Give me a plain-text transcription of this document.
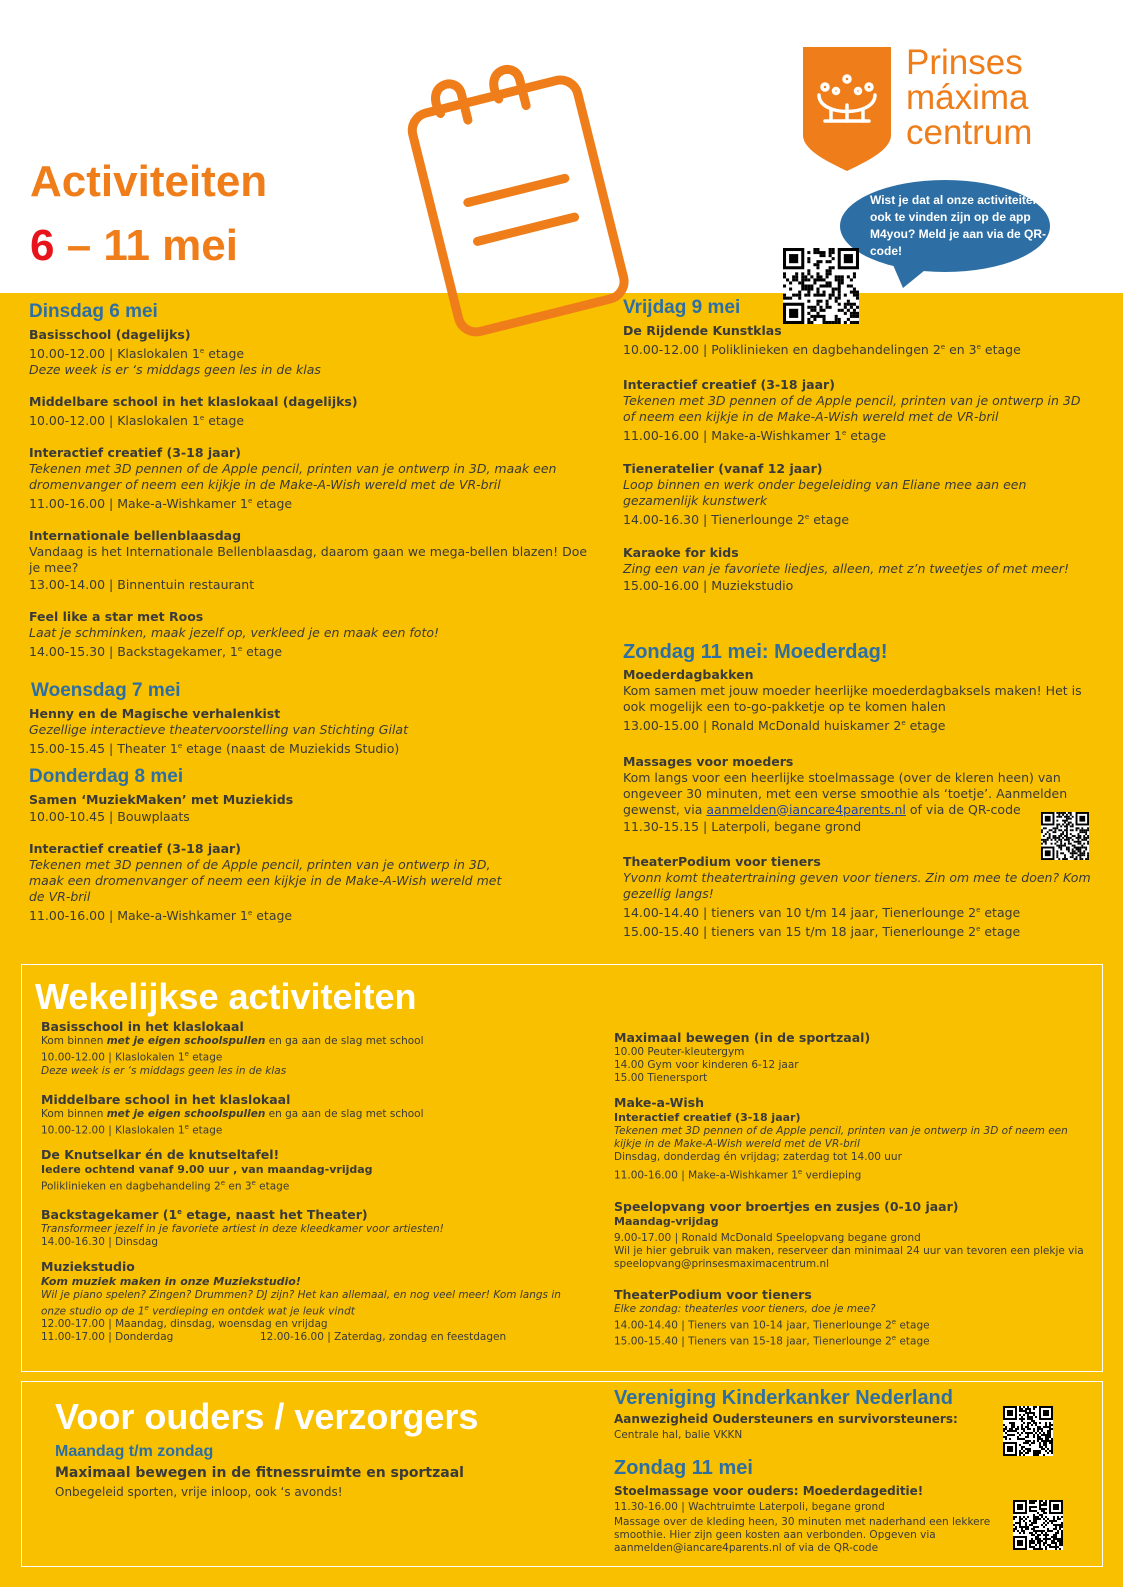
Activiteiten
6 – 11 mei
Prinses
máxima
centrum
Wist je dat al onze activiteiten ook te vinden zijn op de app M4you? Meld je aan via de QR-code!
Dinsdag 6 mei
Basisschool (dagelijks)
10.00-12.00 | Klaslokalen 1e etage
Deze week is er ‘s middags geen les in de klas
Middelbare school in het klaslokaal (dagelijks)
10.00-12.00 | Klaslokalen 1e etage
Interactief creatief (3-18 jaar)
Tekenen met 3D pennen of de Apple pencil, printen van je ontwerp in 3D, maak een dromenvanger of neem een kijkje in de Make-A-Wish wereld met de VR-bril
11.00-16.00 | Make-a-Wishkamer 1e etage
Internationale bellenblaasdag
Vandaag is het Internationale Bellenblaasdag, daarom gaan we mega-bellen blazen! Doe je mee?
13.00-14.00 | Binnentuin restaurant
Feel like a star met Roos
Laat je schminken, maak jezelf op, verkleed je en maak een foto!
14.00-15.30 | Backstagekamer, 1e etage
Woensdag 7 mei
Henny en de Magische verhalenkist
Gezellige interactieve theatervoorstelling van Stichting Gilat
15.00-15.45 | Theater 1e etage (naast de Muziekids Studio)
Donderdag 8 mei
Samen ‘MuziekMaken’ met Muziekids
10.00-10.45 | Bouwplaats
Interactief creatief (3-18 jaar)
Tekenen met 3D pennen of de Apple pencil, printen van je ontwerp in 3D, maak een dromenvanger of neem een kijkje in de Make-A-Wish wereld met de VR-bril
11.00-16.00 | Make-a-Wishkamer 1e etage
Vrijdag 9 mei
De Rijdende Kunstklas
10.00-12.00 | Poliklinieken en dagbehandelingen 2e en 3e etage
Interactief creatief (3-18 jaar)
Tekenen met 3D pennen of de Apple pencil, printen van je ontwerp in 3D of neem een kijkje in de Make-A-Wish wereld met de VR-bril
11.00-16.00 | Make-a-Wishkamer 1e etage
Tieneratelier (vanaf 12 jaar)
Loop binnen en werk onder begeleiding van Eliane mee aan een gezamenlijk kunstwerk
14.00-16.30 | Tienerlounge 2e etage
Karaoke for kids
Zing een van je favoriete liedjes, alleen, met z’n tweetjes of met meer!
15.00-16.00 | Muziekstudio
Zondag 11 mei: Moederdag!
Moederdagbakken
Kom samen met jouw moeder heerlijke moederdagbaksels maken! Het is ook mogelijk een to-go-pakketje op te komen halen
13.00-15.00 | Ronald McDonald huiskamer 2e etage
Massages voor moeders
Kom langs voor een heerlijke stoelmassage (over de kleren heen) van ongeveer 30 minuten, met een verse smoothie als ‘toetje’. Aanmelden gewenst, via aanmelden@iancare4parents.nl of via de QR-code
11.30-15.15 | Laterpoli, begane grond
TheaterPodium voor tieners
Yvonn komt theatertraining geven voor tieners. Zin om mee te doen? Kom gezellig langs!
14.00-14.40 | tieners van 10 t/m 14 jaar, Tienerlounge 2e etage
15.00-15.40 | tieners van 15 t/m 18 jaar, Tienerlounge 2e etage
Wekelijkse activiteiten
Basisschool in het klaslokaal
Kom binnen met je eigen schoolspullen en ga aan de slag met school
10.00-12.00 | Klaslokalen 1e etage
Deze week is er ‘s middags geen les in de klas
Middelbare school in het klaslokaal
Kom binnen met je eigen schoolspullen en ga aan de slag met school
10.00-12.00 | Klaslokalen 1e etage
De Knutselkar én de knutseltafel!
Iedere ochtend vanaf 9.00 uur , van maandag-vrijdag
Poliklinieken en dagbehandeling 2e en 3e etage
Backstagekamer (1e etage, naast het Theater)
Transformeer jezelf in je favoriete artiest in deze kleedkamer voor artiesten!
14.00-16.30 | Dinsdag
Muziekstudio
Kom muziek maken in onze Muziekstudio!
Wil je piano spelen? Zingen? Drummen? DJ zijn? Het kan allemaal, en nog veel meer! Kom langs in onze studio op de 1e verdieping en ontdek wat je leuk vindt
12.00-17.00 | Maandag, dinsdag, woensdag en vrijdag
11.00-17.00 | Donderdag	12.00-16.00 | Zaterdag, zondag en feestdagen
Maximaal bewegen (in de sportzaal)
10.00 Peuter-kleutergym
14.00 Gym voor kinderen 6-12 jaar
15.00 Tienersport
Make-a-Wish
Interactief creatief (3-18 jaar)
Tekenen met 3D pennen of de Apple pencil, printen van je ontwerp in 3D of neem een kijkje in de Make-A-Wish wereld met de VR-bril
Dinsdag, donderdag én vrijdag; zaterdag tot 14.00 uur
11.00-16.00 | Make-a-Wishkamer 1e verdieping
Speelopvang voor broertjes en zusjes (0-10 jaar)
Maandag-vrijdag
9.00-17.00 | Ronald McDonald Speelopvang begane grond
Wil je hier gebruik van maken, reserveer dan minimaal 24 uur van tevoren een plekje via speelopvang@prinsesmaximacentrum.nl
TheaterPodium voor tieners
Elke zondag: theaterles voor tieners, doe je mee?
14.00-14.40 | Tieners van 10-14 jaar, Tienerlounge 2e etage
15.00-15.40 | Tieners van 15-18 jaar, Tienerlounge 2e etage
Voor ouders / verzorgers
Maandag t/m zondag
Maximaal bewegen in de fitnessruimte en sportzaal
Onbegeleid sporten, vrije inloop, ook ‘s avonds!
Vereniging Kinderkanker Nederland
Aanwezigheid Oudersteuners en survivorsteuners:
Centrale hal, balie VKKN
Zondag 11 mei
Stoelmassage voor ouders: Moederdageditie!
11.30-16.00 | Wachtruimte Laterpoli, begane grond
Massage over de kleding heen, 30 minuten met naderhand een lekkere smoothie. Hier zijn geen kosten aan verbonden. Opgeven via aanmelden@iancare4parents.nl of via de QR-code
